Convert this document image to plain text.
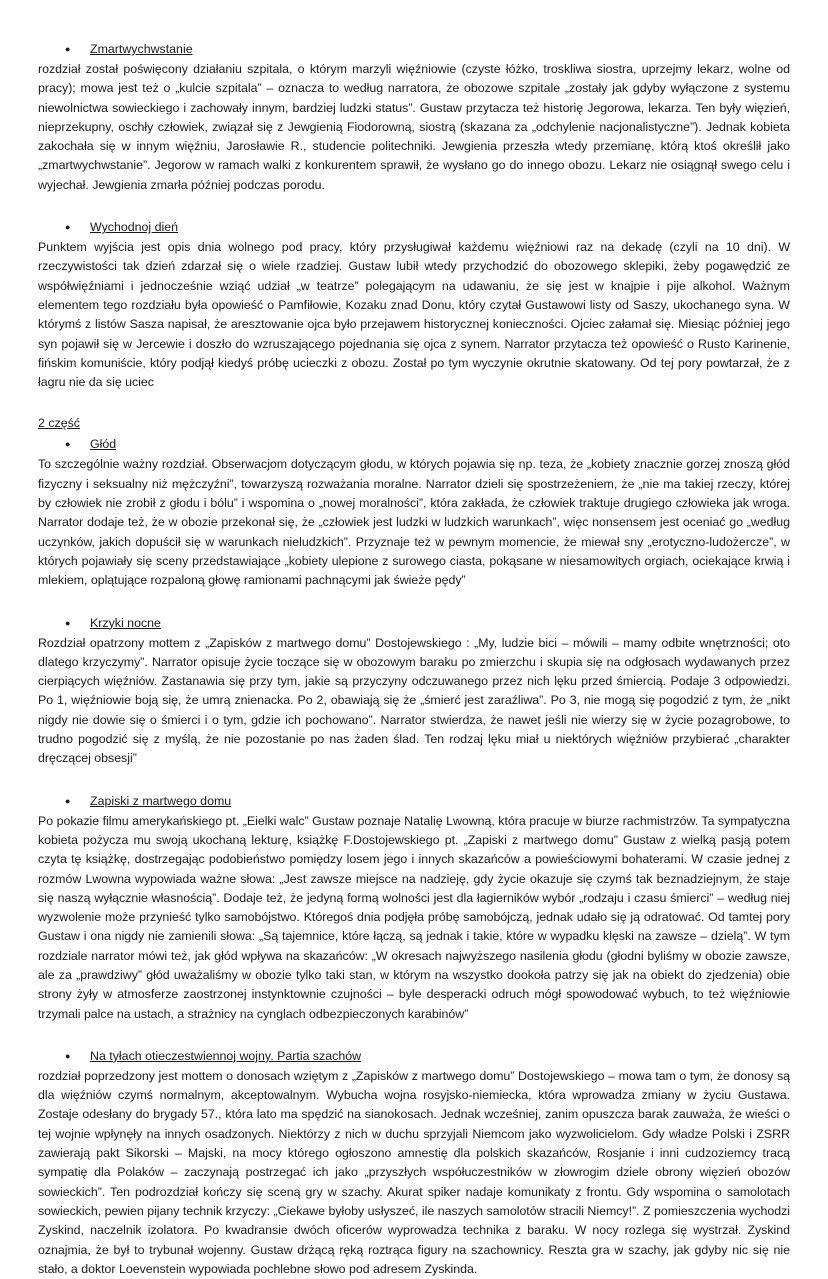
●	Zmartwychwstanie

rozdział został poświęcony działaniu szpitala, o którym marzyli więźniowie (czyste łóżko, troskliwa siostra, uprzejmy lekarz, wolne od pracy); mowa jest też o „kulcie szpitala” – oznacza to według narratora, że obozowe szpitale „zostały jak gdyby wyłączone z systemu niewolnictwa sowieckiego i zachowały innym, bardziej ludzki status”. Gustaw przytacza też historię Jegorowa, lekarza. Ten były więzień, nieprzekupny, oschły człowiek, związał się z Jewgienią Fiodorowną, siostrą (skazana za „odchylenie nacjonalistyczne”). Jednak kobieta zakochała się w innym więźniu, Jarosławie R., studencie politechniki. Jewgienia przeszła wtedy przemianę, którą ktoś określił jako „zmartwychwstanie”. Jegorow w ramach walki z konkurentem sprawił, że wysłano go do innego obozu. Lekarz nie osiągnął swego celu i wyjechał. Jewgienia zmarła później podczas porodu.

●	Wychodnoj dień

Punktem wyjścia jest opis dnia wolnego pod pracy, który przysługiwał każdemu więźniowi raz na dekadę (czyli na 10 dni). W rzeczywistości tak dzień zdarzał się o wiele rzadziej. Gustaw lubił wtedy przychodzić do obozowego sklepiki, żeby pogawędzić ze współwięźniami i jednocześnie wziąć udział „w teatrze” polegającym na udawaniu, że się jest w knajpie i pije alkohol. Ważnym elementem tego rozdziału była opowieść o Pamfiłowie, Kozaku znad Donu, który czytał Gustawowi listy od Saszy, ukochanego syna. W którymś z listów Sasza napisał, że aresztowanie ojca było przejawem historycznej konieczności. Ojciec załamał się. Miesiąc później jego syn pojawił się w Jercewie i doszło do wzruszającego pojednania się ojca z synem. Narrator przytacza też opowieść o Rusto Karinenie, fińskim komuniście, który podjął kiedyś próbę ucieczki z obozu. Został po tym wyczynie okrutnie skatowany. Od tej pory powtarzał, że z łagru nie da się uciec

2 część
●	Głód

To szczególnie ważny rozdział. Obserwacjom dotyczącym głodu, w których pojawia się np. teza, że „kobiety znacznie gorzej znoszą głód fizyczny i seksualny niż mężczyźni”, towarzyszą rozważania moralne. Narrator dzieli się spostrzeżeniem, że „nie ma takiej rzeczy, której by człowiek nie zrobił z głodu i bólu” i wspomina o „nowej moralności”, która zakłada, że człowiek traktuje drugiego człowieka jak wroga. Narrator dodaje też, że w obozie przekonał się, że „człowiek jest ludzki w ludzkich warunkach”, więc nonsensem jest oceniać go „według uczynków, jakich dopuścił się w warunkach nieludzkich”. Przyznaje też w pewnym momencie, że miewał sny „erotyczno-ludożercze”, w których pojawiały się sceny przedstawiające „kobiety ulepione z surowego ciasta, pokąsane w niesamowitych orgiach, ociekające krwią i mlekiem, oplątujące rozpaloną głowę ramionami pachnącymi jak świeże pędy”

●	Krzyki nocne

Rozdział opatrzony mottem z „Zapisków z martwego domu” Dostojewskiego : „My, ludzie bici – mówili – mamy odbite wnętrzności; oto dlatego krzyczymy”. Narrator opisuje życie toczące się w obozowym baraku po zmierzchu i skupia się na odgłosach wydawanych przez cierpiących więźniów. Zastanawia się przy tym, jakie są przyczyny odczuwanego przez nich lęku przed śmiercią. Podaje 3 odpowiedzi. Po 1, więźniowie boją się, że umrą znienacka. Po 2, obawiają się że „śmierć jest zaraźliwa”. Po 3, nie mogą się pogodzić z tym, że „nikt nigdy nie dowie się o śmierci i o tym, gdzie ich pochowano”. Narrator stwierdza, że nawet jeśli nie wierzy się w życie pozagrobowe, to trudno pogodzić się z myślą, że nie pozostanie po nas żaden ślad. Ten rodzaj lęku miał u niektórych więźniów przybierać „charakter dręczącej obsesji”

●	Zapiski z martwego domu

Po pokazie filmu amerykańskiego pt. „Eielki walc” Gustaw poznaje Natalię Lwowną, która pracuje w biurze rachmistrzów. Ta sympatyczna kobieta pożycza mu swoją ukochaną lekturę, książkę F.Dostojewskiego pt. „Zapiski z martwego domu” Gustaw z wielką pasją potem czyta tę książkę, dostrzegając podobieństwo pomiędzy losem jego i innych skazańców a powieściowymi bohaterami. W czasie jednej z rozmów Lwowna wypowiada ważne słowa: „Jest zawsze miejsce na nadzieję, gdy życie okazuje się czymś tak beznadziejnym, że staje się naszą wyłącznie własnością”. Dodaje też, że jedyną formą wolności jest dla łagierników wybór „rodzaju i czasu śmierci” – według niej wyzwolenie może przynieść tylko samobójstwo. Któregoś dnia podjęła próbę samobójczą, jednak udało się ją odratować. Od tamtej pory Gustaw i ona nigdy nie zamienili słowa: „Są tajemnice, które łączą, są jednak i takie, które w wypadku klęski na zawsze – dzielą”. W tym rozdziale narrator mówi też, jak głód wpływa na skazańców: „W okresach najwyższego nasilenia głodu (głodni byliśmy w obozie zawsze, ale za „prawdziwy” głód uważaliśmy w obozie tylko taki stan, w którym na wszystko dookoła patrzy się jak na obiekt do zjedzenia) obie strony żyły w atmosferze zaostrzonej instynktownie czujności – byle desperacki odruch mógł spowodować wybuch, to też więźniowie trzymali palce na ustach, a strażnicy na cynglach odbezpieczonych karabinów”

●	Na tyłach otieczestwiennoj wojny. Partia szachów

rozdział poprzedzony jest mottem o donosach wziętym z „Zapisków z martwego domu” Dostojewskiego – mowa tam o tym, że donosy są dla więźniów czymś normalnym, akceptowalnym. Wybucha wojna rosyjsko-niemiecka, która wprowadza zmiany w życiu Gustawa. Zostaje odesłany do brygady 57., która lato ma spędzić na sianokosach. Jednak wcześniej, zanim opuszcza barak zauważa, że wieści o tej wojnie wpłynęły na innych osadzonych. Niektórzy z nich w duchu sprzyjali Niemcom jako wyzwolicielom. Gdy władze Polski i ZSRR zawierają pakt Sikorski – Majski, na mocy którego ogłoszono amnestię dla polskich skazańców, Rosjanie i inni cudzoziemcy tracą sympatię dla Polaków – zaczynają postrzegać ich jako „przyszłych współuczestników w złowrogim dziele obrony więzień obozów sowieckich”. Ten podrozdział kończy się sceną gry w szachy. Akurat spiker nadaje komunikaty z frontu. Gdy wspomina o samolotach sowieckich, pewien pijany technik krzyczy: „Ciekawe byłoby usłyszeć, ile naszych samolotów stracili Niemcy!”. Z pomieszczenia wychodzi Zyskind, naczelnik izolatora. Po kwadransie dwóch oficerów wyprowadza technika z baraku. W nocy rozlega się wystrzał. Zyskind oznajmia, że był to trybunał wojenny. Gustaw drżącą ręką roztrąca figury na szachownicy. Reszta gra w szachy, jak gdyby nic się nie stało, a doktor Loevenstein wypowiada pochlebne słowo pod adresem Zyskinda.
